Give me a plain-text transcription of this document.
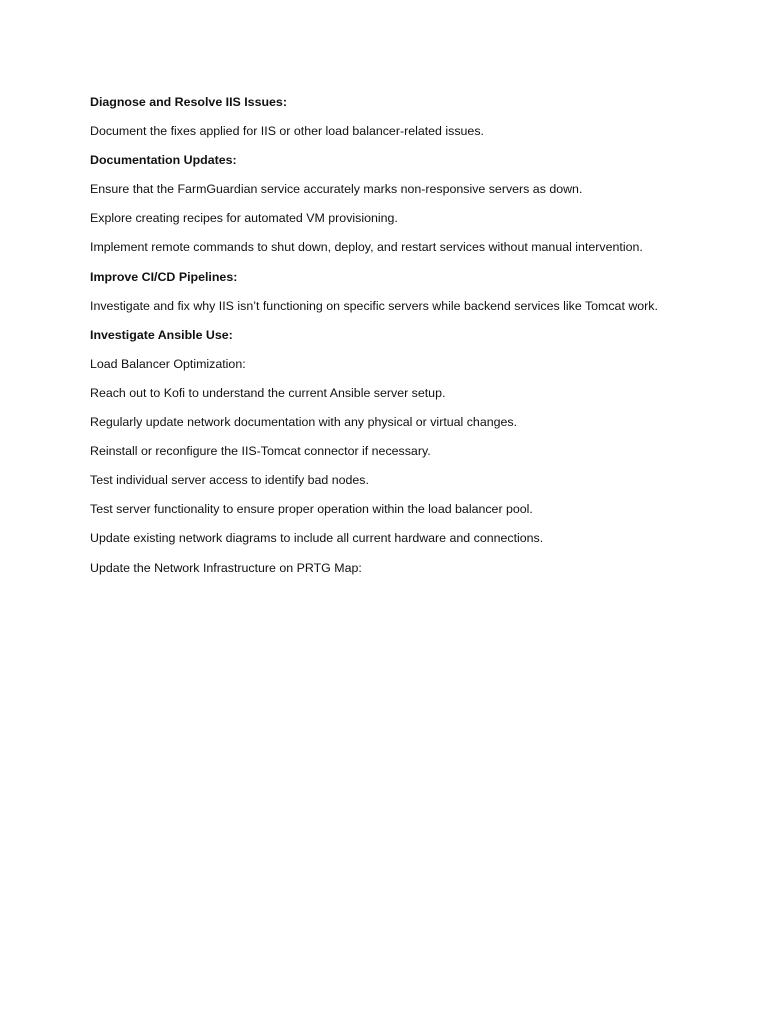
Diagnose and Resolve IIS Issues:
Document the fixes applied for IIS or other load balancer-related issues.
Documentation Updates:
Ensure that the FarmGuardian service accurately marks non-responsive servers as down.
Explore creating recipes for automated VM provisioning.
Implement remote commands to shut down, deploy, and restart services without manual intervention.
Improve CI/CD Pipelines:
Investigate and fix why IIS isn’t functioning on specific servers while backend services like Tomcat work.
Investigate Ansible Use:
Load Balancer Optimization:
Reach out to Kofi to understand the current Ansible server setup.
Regularly update network documentation with any physical or virtual changes.
Reinstall or reconfigure the IIS-Tomcat connector if necessary.
Test individual server access to identify bad nodes.
Test server functionality to ensure proper operation within the load balancer pool.
Update existing network diagrams to include all current hardware and connections.
Update the Network Infrastructure on PRTG Map:
